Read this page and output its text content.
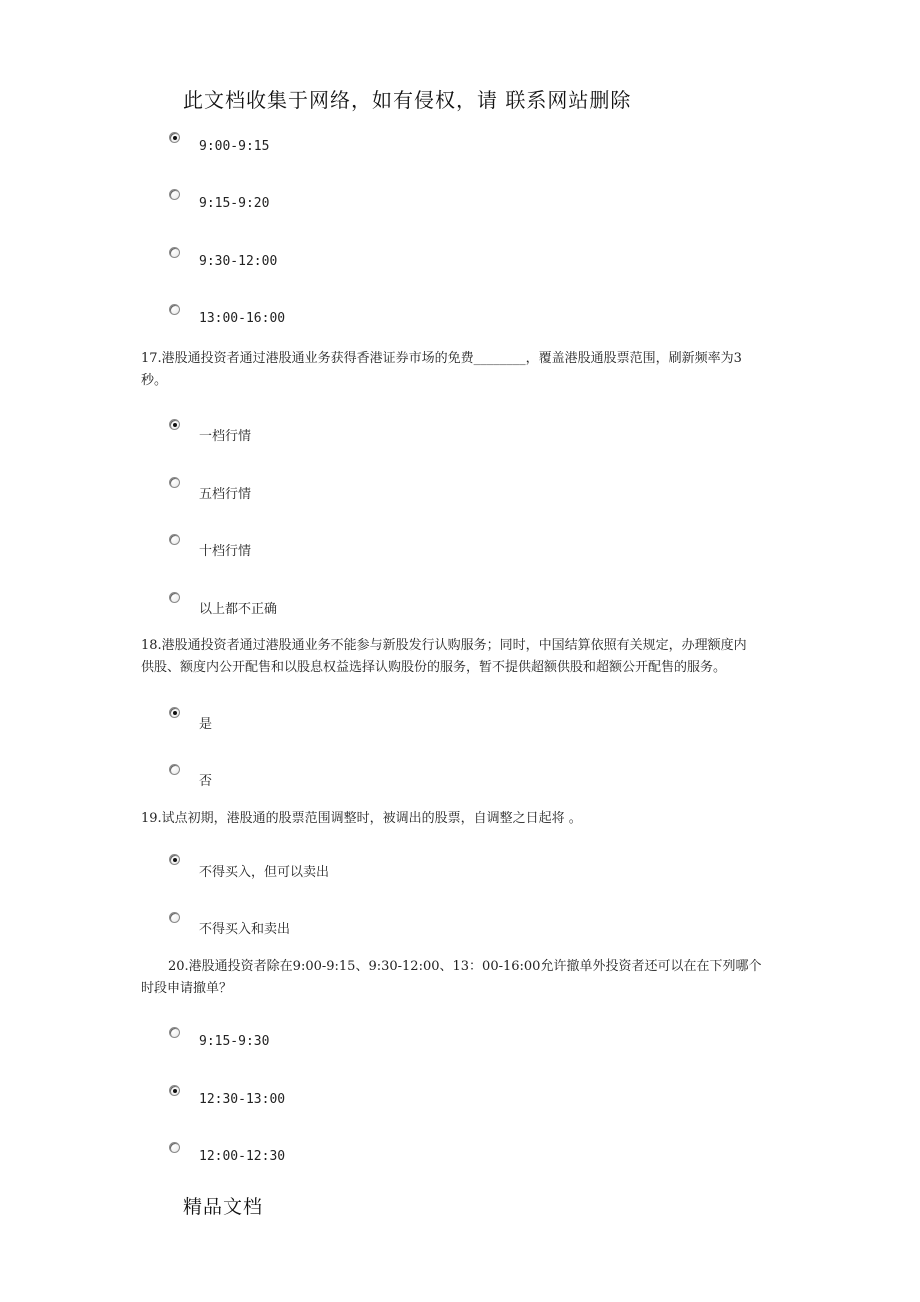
此文档收集于网络，如有侵权，请 联系网站删除
9:00-9:15
9:15-9:20
9:30-12:00
13:00-16:00
17.港股通投资者通过港股通业务获得香港证券市场的免费________，覆盖港股通股票范围，刷新频率为3
秒。
一档行情
五档行情
十档行情
以上都不正确
18.港股通投资者通过港股通业务不能参与新股发行认购服务；同时，中国结算依照有关规定，办理额度内
供股、额度内公开配售和以股息权益选择认购股份的服务，暂不提供超额供股和超额公开配售的服务。
是
否
19.试点初期，港股通的股票范围调整时，被调出的股票，自调整之日起将 。
不得买入，但可以卖出
不得买入和卖出
20.港股通投资者除在9:00-9:15、9:30-12:00、13：00-16:00允许撤单外投资者还可以在在下列哪个
时段申请撤单？
9:15-9:30
12:30-13:00
12:00-12:30
精品文档
